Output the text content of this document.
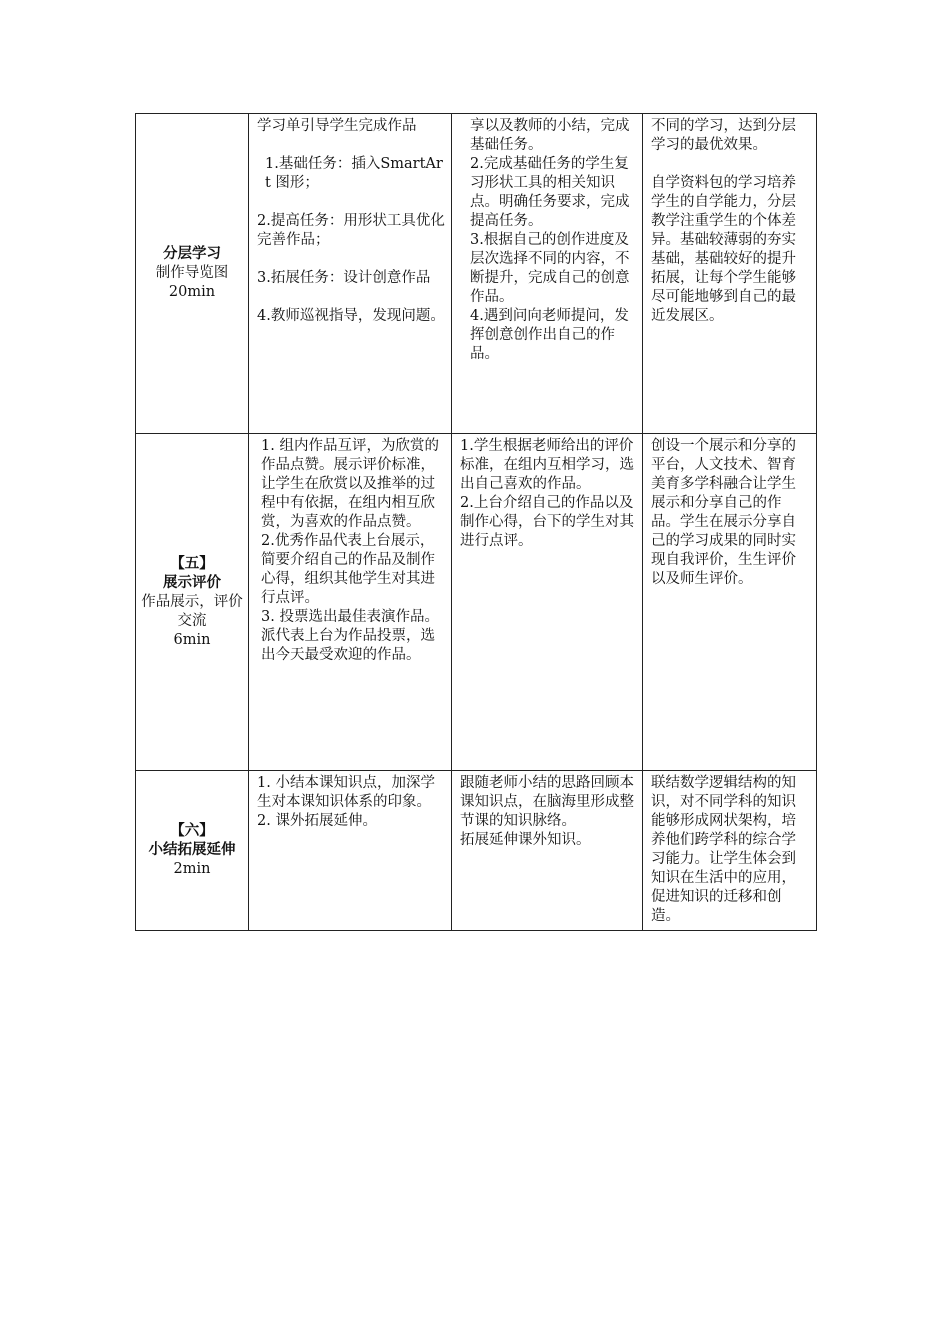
分层学习
制作导览图
20min	学习单引导学生完成作品
1.基础任务：插入SmartArt 图形；
2.提高任务：用形状工具优化完善作品；
3.拓展任务：设计创意作品
4.教师巡视指导，发现问题。	享以及教师的小结，完成基础任务。
2.完成基础任务的学生复习形状工具的相关知识点。明确任务要求，完成提高任务。
3.根据自己的创作进度及层次选择不同的内容，不断提升，完成自己的创意作品。
4.遇到问向老师提问，发挥创意创作出自己的作品。	不同的学习，达到分层学习的最优效果。
自学资料包的学习培养学生的自学能力，分层教学注重学生的个体差异。基础较薄弱的夯实基础，基础较好的提升拓展，让每个学生能够尽可能地够到自己的最近发展区。

【五】
展示评价
作品展示，评价交流
6min	1. 组内作品互评，为欣赏的作品点赞。展示评价标准，让学生在欣赏以及推举的过程中有依据，在组内相互欣赏，为喜欢的作品点赞。
2.优秀作品代表上台展示，简要介绍自己的作品及制作心得，组织其他学生对其进行点评。
3. 投票选出最佳表演作品。派代表上台为作品投票，选出今天最受欢迎的作品。	1.学生根据老师给出的评价标准，在组内互相学习，选出自己喜欢的作品。
2.上台介绍自己的作品以及制作心得，台下的学生对其进行点评。	创设一个展示和分享的平台，人文技术、智育美育多学科融合让学生展示和分享自己的作品。学生在展示分享自己的学习成果的同时实现自我评价，生生评价以及师生评价。

【六】
小结拓展延伸
2min	1. 小结本课知识点，加深学生对本课知识体系的印象。
2. 课外拓展延伸。	跟随老师小结的思路回顾本课知识点，在脑海里形成整节课的知识脉络。
拓展延伸课外知识。	联结数学逻辑结构的知识，对不同学科的知识能够形成网状架构，培养他们跨学科的综合学习能力。让学生体会到知识在生活中的应用，促进知识的迁移和创造。
